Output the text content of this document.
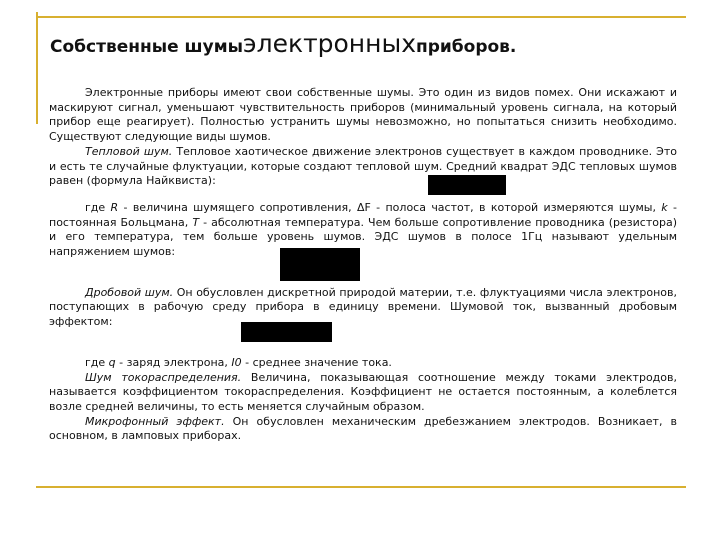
Собственные шумы электронных приборов.

Электронные приборы имеют свои собственные шумы. Это один из видов помех. Они искажают и маскируют сигнал, уменьшают чувствительность приборов (минимальный уровень сигнала, на который прибор еще реагирует). Полностью устранить шумы невозможно, но попытаться снизить необходимо. Существуют следующие виды шумов.

Тепловой шум. Тепловое хаотическое движение электронов существует в каждом проводнике. Это и есть те случайные флуктуации, которые создают тепловой шум. Средний квадрат ЭДС тепловых шумов равен (формула Найквиста):

где R - величина шумящего сопротивления, ΔF - полоса частот, в которой измеряются шумы, k - постоянная Больцмана, T - абсолютная температура. Чем больше сопротивление проводника (резистора) и его температура, тем больше уровень шумов. ЭДС шумов в полосе 1Гц называют удельным напряжением шумов:

Дробовой шум. Он обусловлен дискретной природой материи, т.е. флуктуациями числа электронов, поступающих в рабочую среду прибора в единицу времени. Шумовой ток, вызванный дробовым эффектом:

где q - заряд электрона, I0 - среднее значение тока.

Шум токораспределения. Величина, показывающая соотношение между токами электродов, называется коэффициентом токораспределения. Коэффициент не остается постоянным, а колеблется возле средней величины, то есть меняется случайным образом.

Микрофонный эффект. Он обусловлен механическим дребезжанием электродов. Возникает, в основном, в ламповых приборах.
